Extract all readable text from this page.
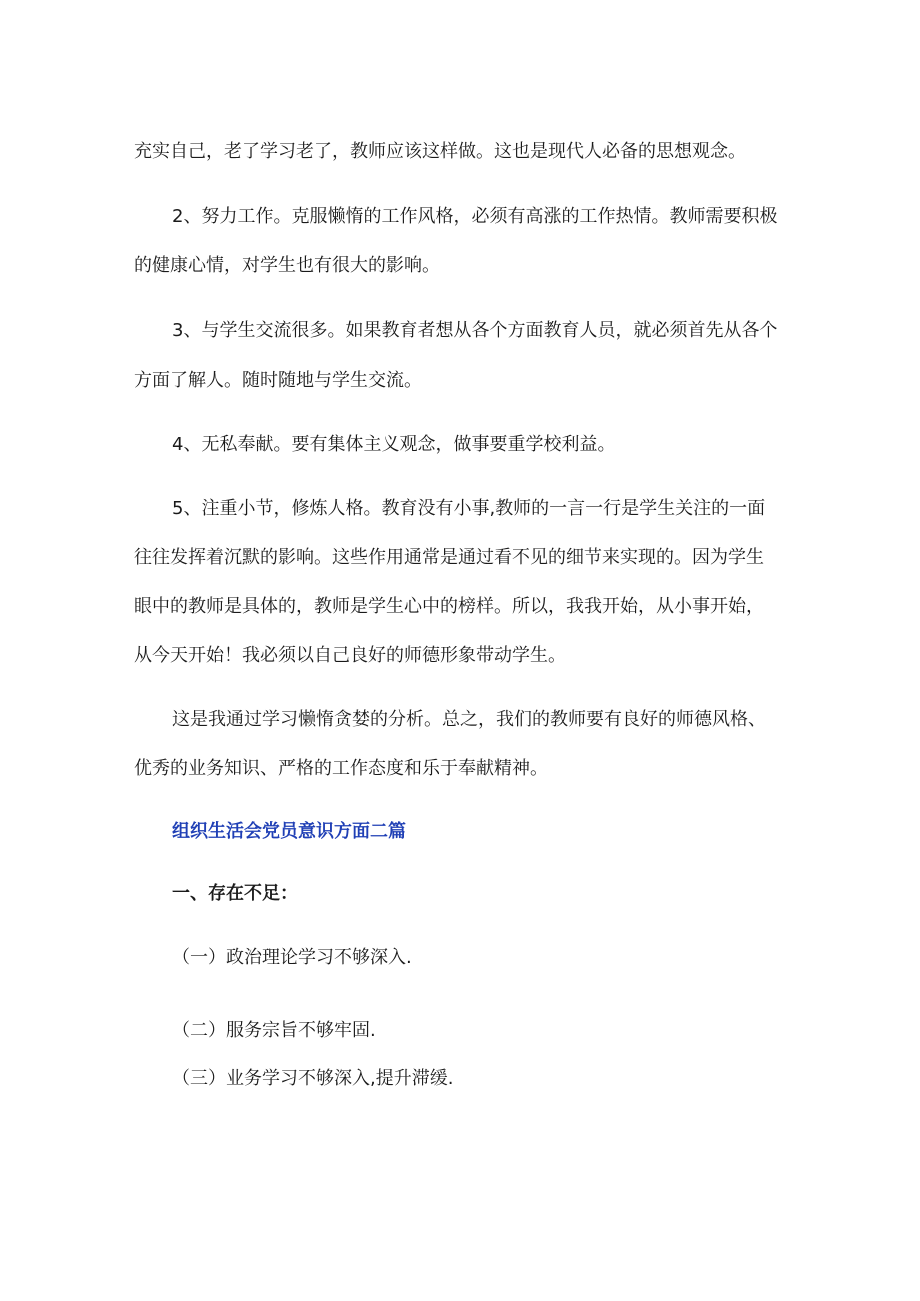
充实自己，老了学习老了，教师应该这样做。这也是现代人必备的思想观念。
2、努力工作。克服懒惰的工作风格，必须有高涨的工作热情。教师需要积极
的健康心情，对学生也有很大的影响。
3、与学生交流很多。如果教育者想从各个方面教育人员，就必须首先从各个
方面了解人。随时随地与学生交流。
4、无私奉献。要有集体主义观念，做事要重学校利益。
5、注重小节，修炼人格。教育没有小事,教师的一言一行是学生关注的一面
往往发挥着沉默的影响。这些作用通常是通过看不见的细节来实现的。因为学生
眼中的教师是具体的，教师是学生心中的榜样。所以，我我开始，从小事开始，
从今天开始！我必须以自己良好的师德形象带动学生。
这是我通过学习懒惰贪婪的分析。总之，我们的教师要有良好的师德风格、
优秀的业务知识、严格的工作态度和乐于奉献精神。
组织生活会党员意识方面二篇
一、存在不足：
（一）政治理论学习不够深入.
（二）服务宗旨不够牢固.
（三）业务学习不够深入,提升滞缓.
